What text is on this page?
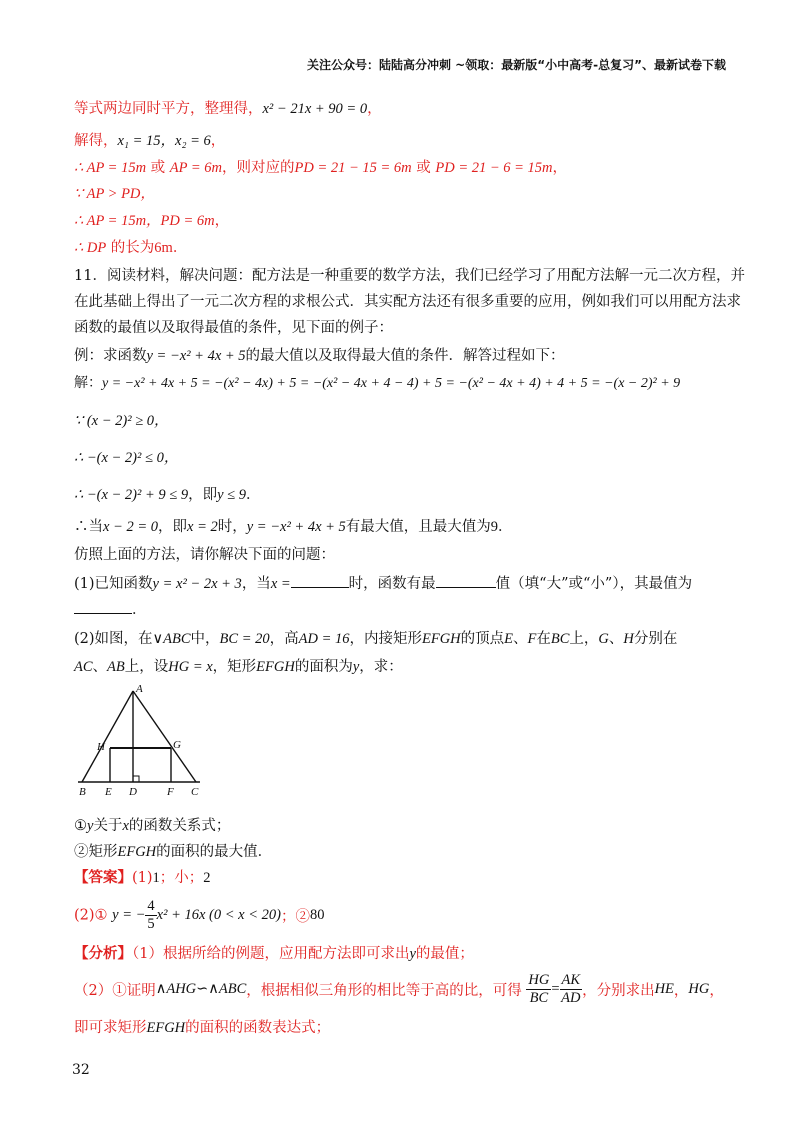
关注公众号：陆陆高分冲刺 ~领取：最新版“小中高考-总复习”、最新试卷下载
等式两边同时平方，整理得，x² − 21x + 90 = 0，
解得，x₁ = 15，x₂ = 6，
∴ AP = 15m 或 AP = 6m，则对应的PD = 21 − 15 = 6m 或 PD = 21 − 6 = 15m，
∵ AP > PD，
∴ AP = 15m，PD = 6m，
∴ DP 的长为6m．
11．阅读材料，解决问题：配方法是一种重要的数学方法，我们已经学习了用配方法解一元二次方程，并
在此基础上得出了一元二次方程的求根公式．其实配方法还有很多重要的应用，例如我们可以用配方法求
函数的最值以及取得最值的条件，见下面的例子：
例：求函数y = −x² + 4x + 5的最大值以及取得最大值的条件．解答过程如下：
解：y = −x² + 4x + 5 = −(x² − 4x) + 5 = −(x² − 4x + 4 − 4) + 5 = −(x² − 4x + 4) + 4 + 5 = −(x − 2)² + 9
∵ (x − 2)² ≥ 0，
∴ −(x − 2)² ≤ 0，
∴ −(x − 2)² + 9 ≤ 9，即y ≤ 9．
∴当x − 2 = 0，即x = 2时，y = −x² + 4x + 5有最大值，且最大值为9．
仿照上面的方法，请你解决下面的问题：
(1)已知函数y = x² − 2x + 3，当x =	时，函数有最	值（填“大”或“小”），其最值为
．
(2)如图，在∨ABC中，BC = 20，高AD = 16，内接矩形EFGH的顶点E、F在BC上，G、H分别在
AC、AB上，设HG = x，矩形EFGH的面积为y，求：
A
H	G
B E D	F C
①y关于x的函数关系式；
②矩形EFGH的面积的最大值．
【答案】(1)1；小；2
(2)① y = − $\frac{4}{5} x^2 + 16x$ (0 < x < 20)；②80
【分析】（1）根据所给的例题，应用配方法即可求出y的最值；
（2）①证明∧AHG∽∧ABC，根据相似三角形的相比等于高的比，可得 $\frac{HG}{BC} = \frac{AK}{AD}$ ，分别求出HE，HG，
即可求矩形EFGH的面积的函数表达式；
32
